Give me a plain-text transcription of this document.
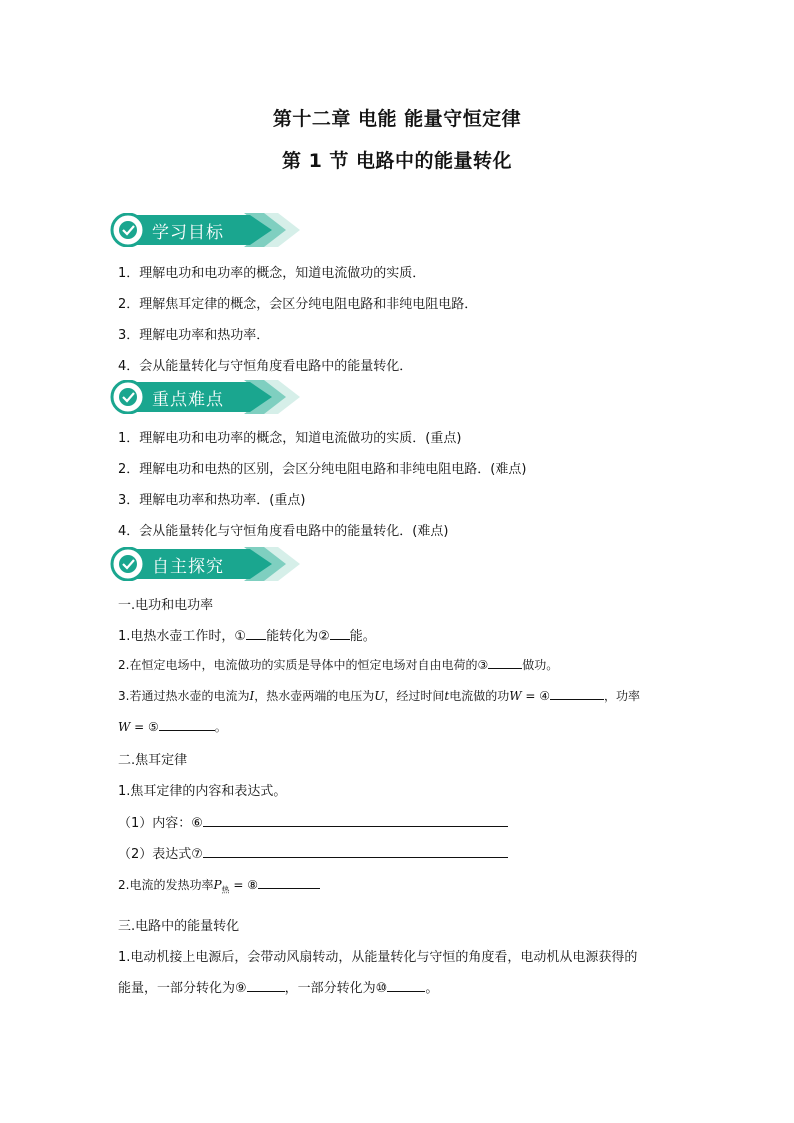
第十二章 电能 能量守恒定律
第 1 节 电路中的能量转化
学习目标
1．理解电功和电功率的概念，知道电流做功的实质．
2．理解焦耳定律的概念，会区分纯电阻电路和非纯电阻电路．
3．理解电功率和热功率．
4．会从能量转化与守恒角度看电路中的能量转化．
重点难点
1．理解电功和电功率的概念，知道电流做功的实质．(重点)
2．理解电功和电热的区别，会区分纯电阻电路和非纯电阻电路．(难点)
3．理解电功率和热功率．(重点)
4．会从能量转化与守恒角度看电路中的能量转化．(难点)
自主探究
一.电功和电功率
1.电热水壶工作时，① 能转化为② 能。
2.在恒定电场中，电流做功的实质是导体中的恒定电场对自由电荷的③	做功。
3.若通过热水壶的电流为I，热水壶两端的电压为U，经过时间t电流做的功W = ④	，功率
W = ⑤	。
二.焦耳定律
1.焦耳定律的内容和表达式。
（1）内容：⑥
（2）表达式⑦
2.电流的发热功率$P_热$ = ⑧
三.电路中的能量转化
1.电动机接上电源后，会带动风扇转动，从能量转化与守恒的角度看，电动机从电源获得的
能量，一部分转化为⑨	，一部分转化为⑩	。
